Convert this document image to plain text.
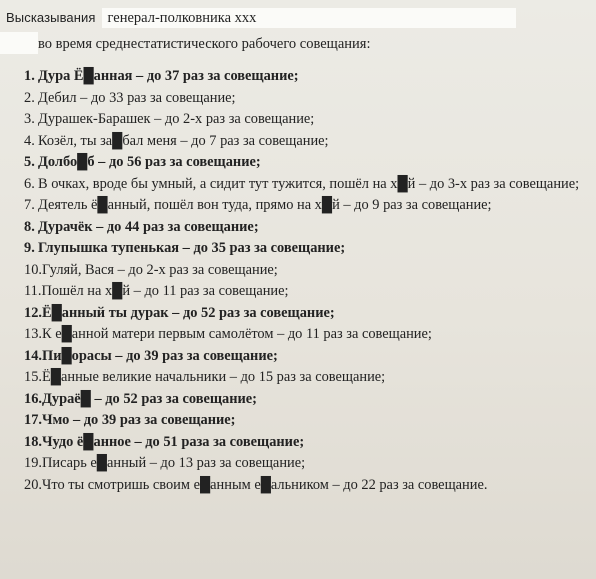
Высказывания генерал-полковника xxx
во время среднестатистического рабочего совещания:
1.Дура Ё█анная – до 37 раз за совещание;
2.Дебил – до 33 раз за совещание;
3.Дурашек-Барашек – до 2-х раз за совещание;
4.Козёл, ты за█бал меня – до 7 раз за совещание;
5.Долбо█б – до 56 раз за совещание;
6.В очках, вроде бы умный, а сидит тут тужится, пошёл на х█й – до 3-х раз за совещание;
7.Деятель ё█анный, пошёл вон туда, прямо на х█й – до 9 раз за совещание;
8.Дурачёк – до 44 раз за совещание;
9.Глупышка тупенькая – до 35 раз за совещание;
10.Гуляй, Вася – до 2-х раз за совещание;
11.Пошёл на х█й – до 11 раз за совещание;
12.Ё█анный ты дурак – до 52 раз за совещание;
13.К е█анной матери первым самолётом – до 11 раз за совещание;
14.Пи█орасы – до 39 раз за совещание;
15.Ё█анные великие начальники – до 15 раз за совещание;
16.Дураё█ – до 52 раз за совещание;
17.Чмо – до 39 раз за совещание;
18.Чудо ё█анное – до 51 раза за совещание;
19.Писарь е█анный – до 13 раз за совещание;
20.Что ты смотришь своим е█анным е█альником – до 22 раз за совещание.
